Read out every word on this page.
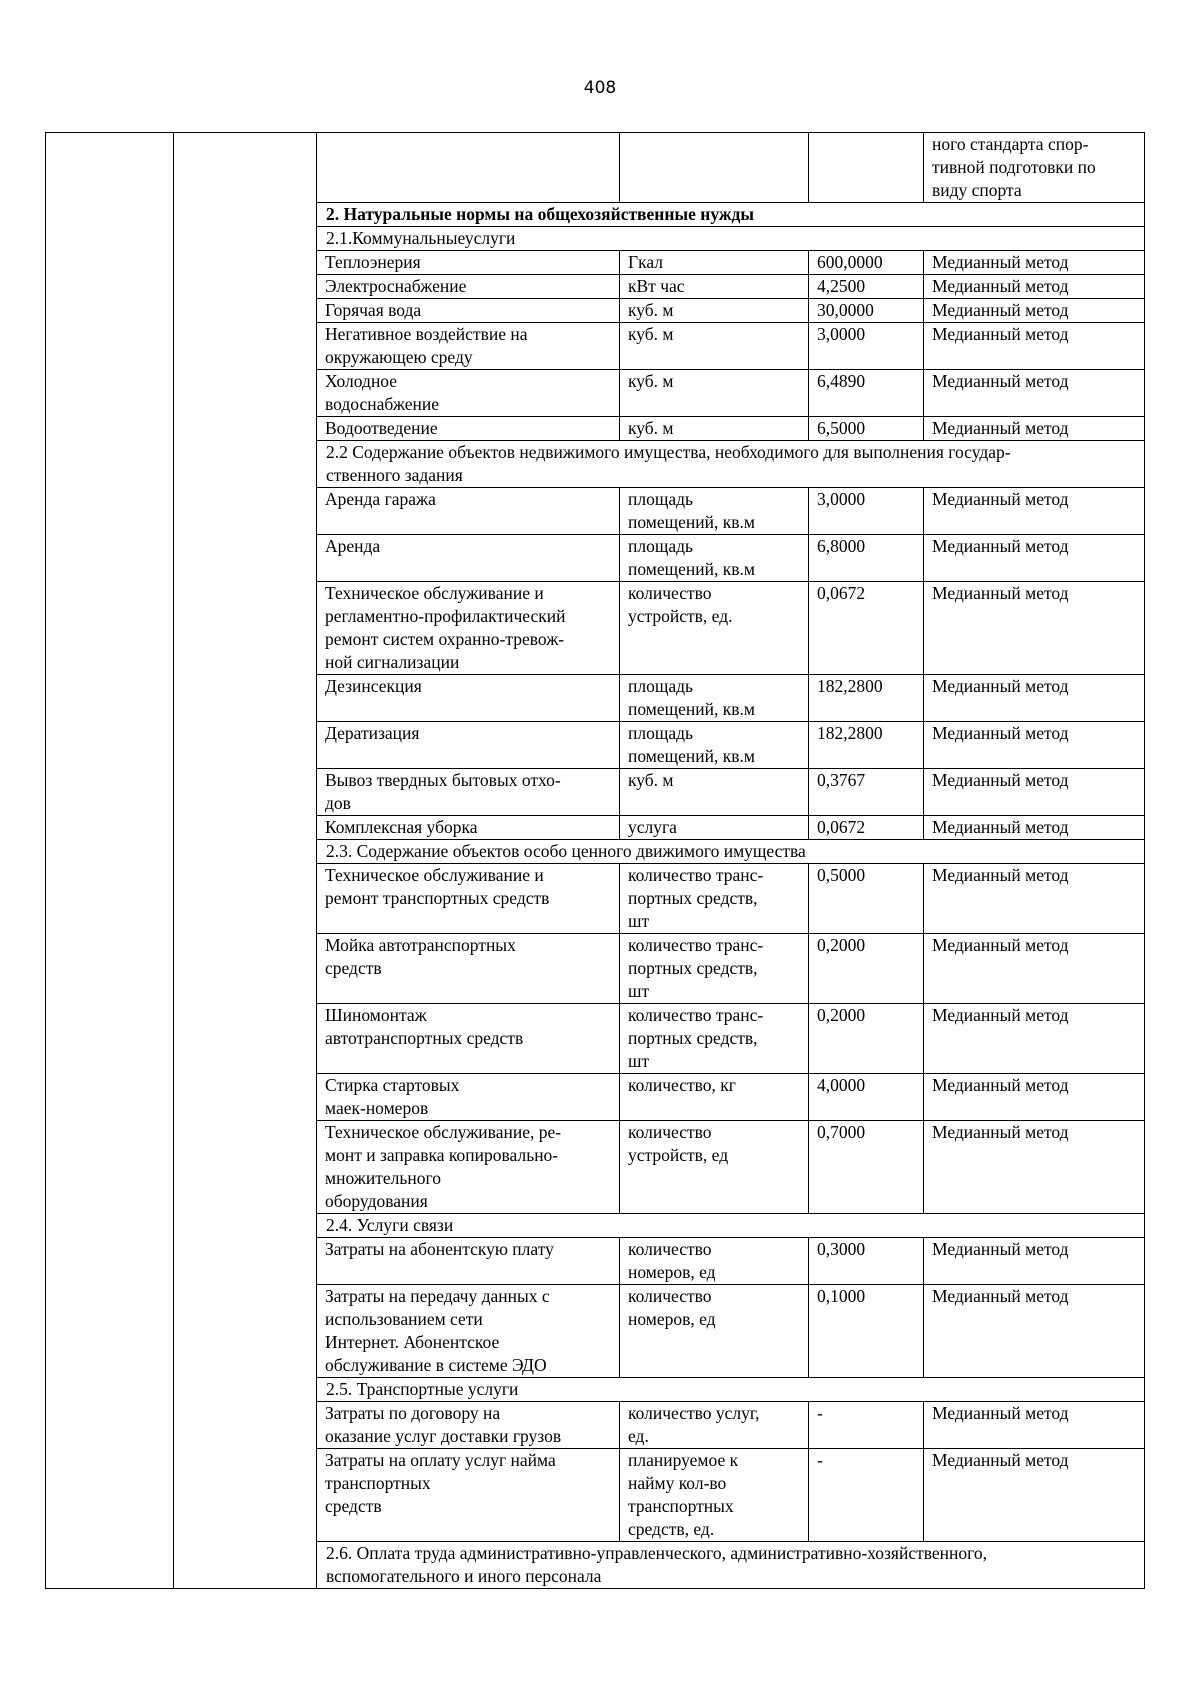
408

					ного стандарта спор-
тивной подготовки по
виду спорта

		2. Натуральные нормы на общехозяйственные нужды			

		2.1.Коммунальныеуслуги			

		Теплоэнерия	Гкал	600,0000	Медианный метод

		Электроснабжение	кВт час	4,2500	Медианный метод

		Горячая вода	куб. м	30,0000	Медианный метод

		Негативное воздействие на
окружающею среду	куб. м	3,0000	Медианный метод

		Холодное
водоснабжение	куб. м	6,4890	Медианный метод

		Водоотведение	куб. м	6,5000	Медианный метод

		2.2 Содержание объектов недвижимого имущества, необходимого для выполнения государ-
ственного задания			

		Аренда гаража	площадь
помещений, кв.м	3,0000	Медианный метод

		Аренда	площадь
помещений, кв.м	6,8000	Медианный метод

		Техническое обслуживание и
регламентно-профилактический
ремонт систем охранно-тревож-
ной сигнализации	количество
устройств, ед.	0,0672	Медианный метод

		Дезинсекция	площадь
помещений, кв.м	182,2800	Медианный метод

		Дератизация	площадь
помещений, кв.м	182,2800	Медианный метод

		Вывоз твердных бытовых отхо-
дов	куб. м	0,3767	Медианный метод

		Комплексная уборка	услуга	0,0672	Медианный метод

		2.3. Содержание объектов особо ценного движимого имущества			

		Техническое обслуживание и
ремонт транспортных средств	количество транс-
портных средств,
шт	0,5000	Медианный метод

		Мойка автотранспортных
средств	количество транс-
портных средств,
шт	0,2000	Медианный метод

		Шиномонтаж
автотранспортных средств	количество транс-
портных средств,
шт	0,2000	Медианный метод

		Стирка стартовых
маек-номеров	количество, кг	4,0000	Медианный метод

		Техническое обслуживание, ре-
монт и заправка копировально-
множительного
оборудования	количество
устройств, ед	0,7000	Медианный метод

		2.4. Услуги связи			

		Затраты на абонентскую плату	количество
номеров, ед	0,3000	Медианный метод

		Затраты на передачу данных с
использованием сети
Интернет. Абонентское
обслуживание в системе ЭДО	количество
номеров, ед	0,1000	Медианный метод

		2.5. Транспортные услуги			

		Затраты по договору на
оказание услуг доставки грузов	количество услуг,
ед.	-	Медианный метод

		Затраты на оплату услуг найма
транспортных
средств	планируемое к
найму кол-во
транспортных
средств, ед.	-	Медианный метод

		2.6. Оплата труда административно-управленческого, административно-хозяйственного,
вспомогательного и иного персонала			
